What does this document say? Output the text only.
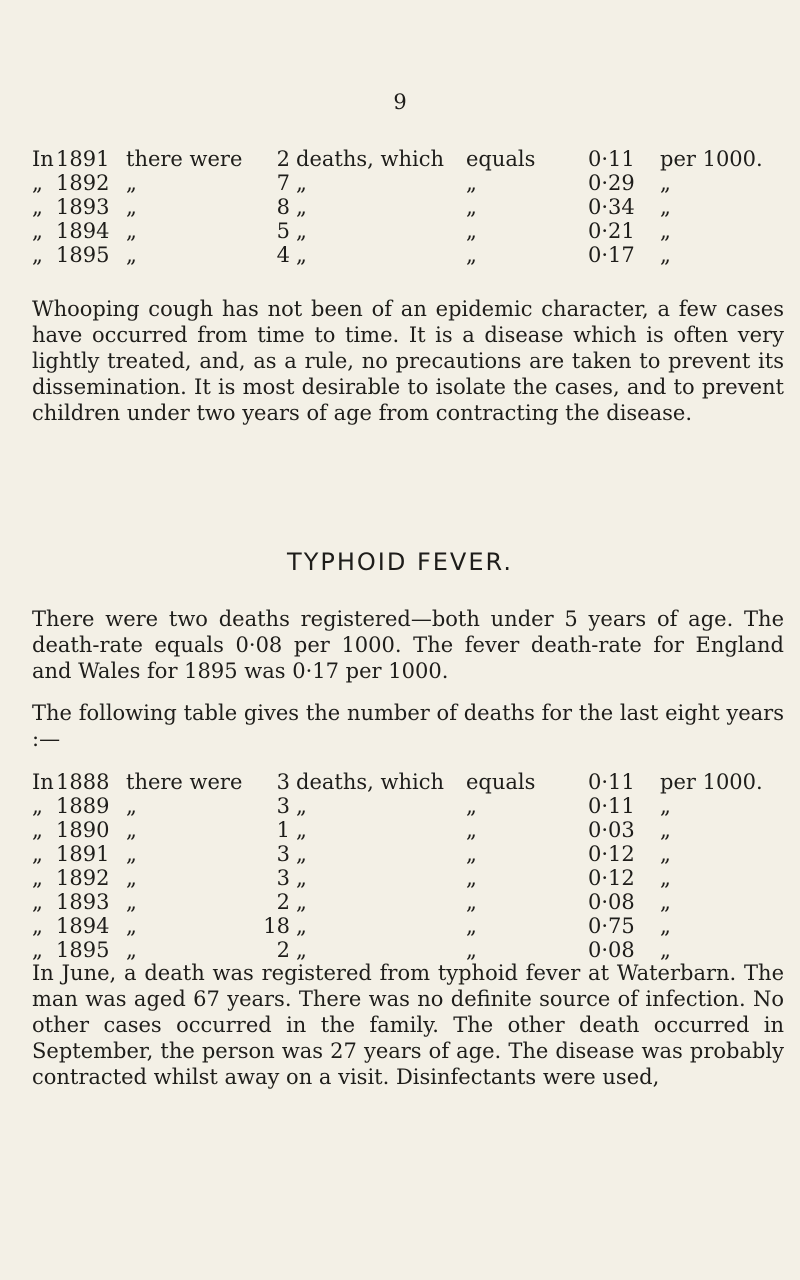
9
In 1891 there were	2 deaths, which equals	0·11 per 1000.
„ 1892 „	7 „	„	0·29 „
„ 1893 „	8 „	„	0·34 „
„ 1894 „	5 „	„	0·21 „
„ 1895 „	4 „	„	0·17 „

Whooping cough has not been of an epidemic character, a few cases have occurred from time to time. It is a disease which is often very lightly treated, and, as a rule, no precautions are taken to prevent its dissemination. It is most desirable to isolate the cases, and to prevent children under two years of age from contracting the disease.

TYPHOID FEVER.

There were two deaths registered—both under 5 years of age. The death-rate equals 0·08 per 1000. The fever death-rate for England and Wales for 1895 was 0·17 per 1000.

The following table gives the number of deaths for the last eight years :—

In 1888 there were	3 deaths, which equals	0·11 per 1000.
„ 1889 „	3 „	„	0·11 „
„ 1890 „	1 „	„	0·03 „
„ 1891 „	3 „	„	0·12 „
„ 1892 „	3 „	„	0·12 „
„ 1893 „	2 „	„	0·08 „
„ 1894 „	18 „	„	0·75 „
„ 1895 „	2 „	„	0·08 „

In June, a death was registered from typhoid fever at Waterbarn. The man was aged 67 years. There was no definite source of infection. No other cases occurred in the family. The other death occurred in September, the person was 27 years of age. The disease was probably contracted whilst away on a visit. Disinfectants were used,
